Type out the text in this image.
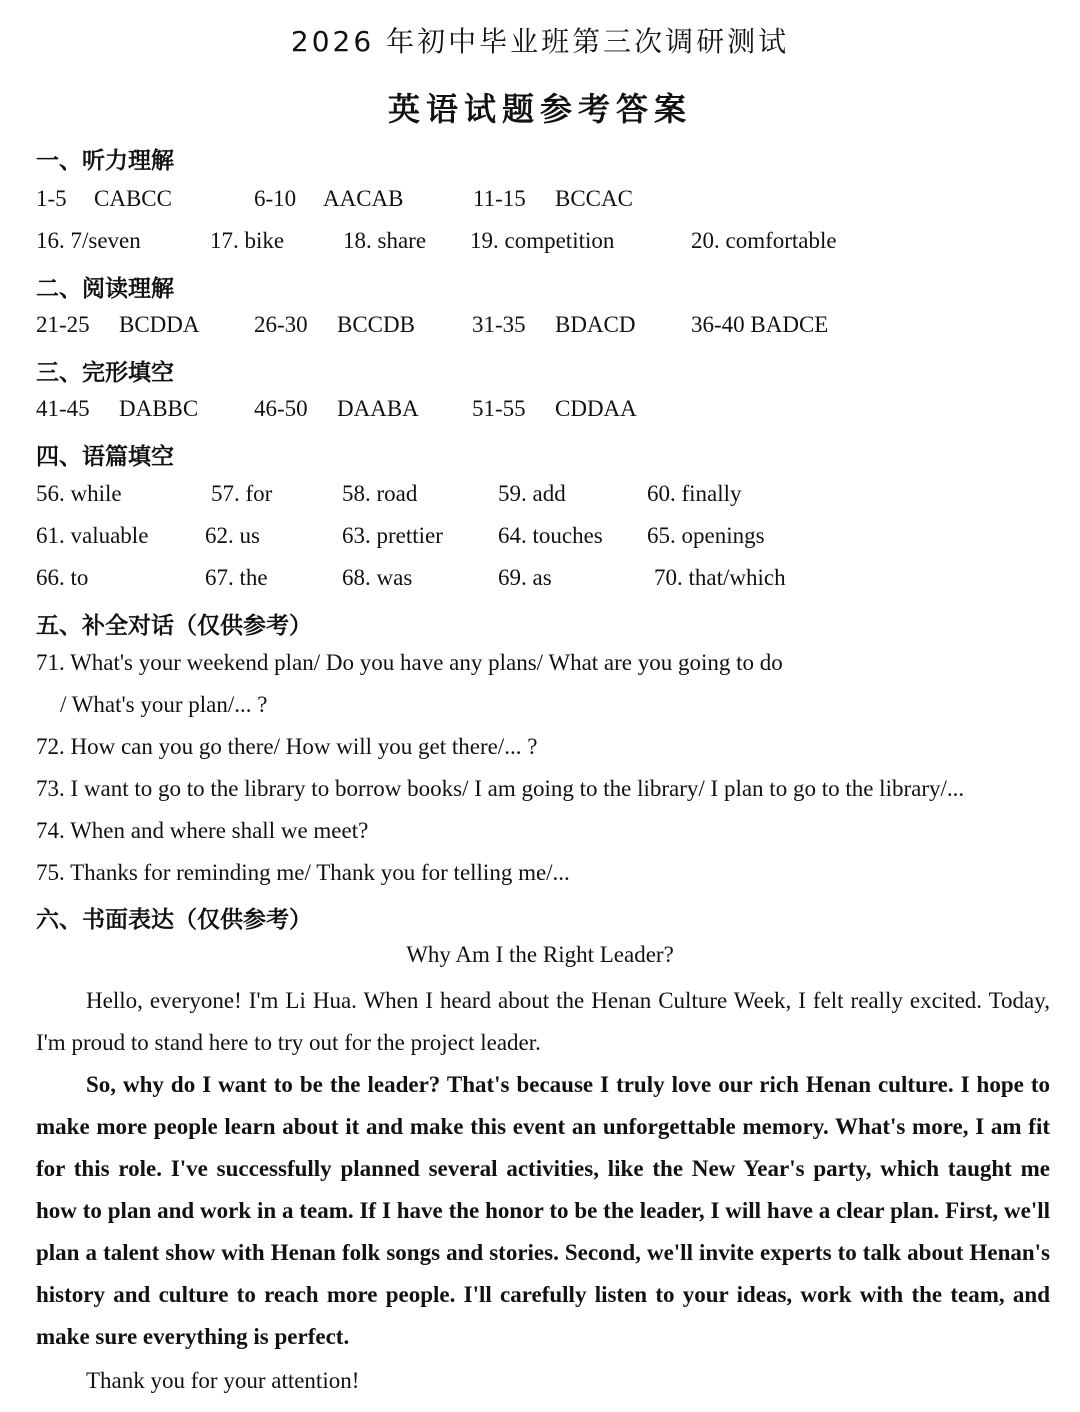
2026 年初中毕业班第三次调研测试
英语试题参考答案
一、听力理解
1-5 CABCC	6-10 AACAB	11-15 BCCAC
16. 7/seven	17. bike	18. share 19. competition	20. comfortable
二、阅读理解
21-25 BCDDA 26-30 BCCDB 31-35 BDACD 36-40 BADCE
三、完形填空
41-45 DABBC 46-50 DAABA 51-55 CDDAA
四、语篇填空
56. while	57. for	58. road	59. add	60. finally
61. valuable 62. us	63. prettier 64. touches 65. openings
66. to	67. the	68. was	69. as	70. that/which
五、补全对话（仅供参考）
71. What's your weekend plan/ Do you have any plans/ What are you going to do
/ What's your plan/... ?
72. How can you go there/ How will you get there/... ?
73. I want to go to the library to borrow books/ I am going to the library/ I plan to go to the library/...
74. When and where shall we meet?
75. Thanks for reminding me/ Thank you for telling me/...
六、书面表达（仅供参考）
Why Am I the Right Leader?
Hello, everyone! I'm Li Hua. When I heard about the Henan Culture Week, I felt really excited. Today, I'm proud to stand here to try out for the project leader.
So, why do I want to be the leader? That's because I truly love our rich Henan culture. I hope to make more people learn about it and make this event an unforgettable memory. What's more, I am fit for this role. I've successfully planned several activities, like the New Year's party, which taught me how to plan and work in a team. If I have the honor to be the leader, I will have a clear plan. First, we'll plan a talent show with Henan folk songs and stories. Second, we'll invite experts to talk about Henan's history and culture to reach more people. I'll carefully listen to your ideas, work with the team, and make sure everything is perfect.
Thank you for your attention!
